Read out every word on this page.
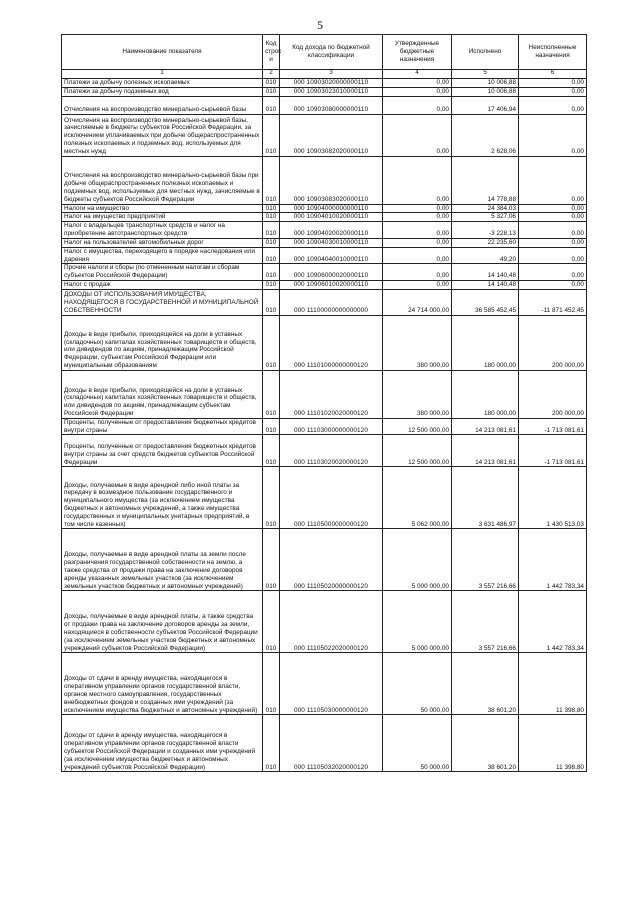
5
Наименование показателя	Код строк и	Код дохода по бюджетной классификации	Утвержденные бюджетные назначения	Исполнено	Неисполненные назначения
1	2	3	4	5	6
Платежи за добычу полезных ископаемых	010	000 10903020000000110	0,00	10 006,88	0,00
Платежи за добычу подземных вод	010	000 10903023010000110	0,00	10 006,88	0,00
Отчисления на воспроизводство минерально-сырьевой базы	010	000 10903080000000110	0,00	17 406,94	0,00
Отчисления на воспроизводство минерально-сырьевой базы, зачисляемые в бюджеты субъектов Российской Федерации, за исключением уплачиваемых при добыче общераспространенных полезных ископаемых и подземных вод, используемых для местных нужд	010	000 10903082020000110	0,00	2 628,06	0,00
Отчисления на воспроизводство минерально-сырьевой базы при добыче общераспространенных полезных ископаемых и подземных вод, используемых для местных нужд, зачисляемые в бюджеты субъектов Российской Федерации	010	000 10903083020000110	0,00	14 778,88	0,00
Налоги на имущество	010	000 10904000000000110	0,00	24 384,03	0,00
Налог на имущество предприятий	010	000 10904010020000110	0,00	5 327,06	0,00
Налог с владельцев транспортных средств и налог на приобретение автотранспортных средств	010	000 10904020020000110	0,00	-3 228,13	0,00
Налог на пользователей автомобильных дорог	010	000 10904030010000110	0,00	22 235,60	0,00
Налог с имущества, переходящего в порядке наследования или дарения	010	000 10904040010000110	0,00	49,20	0,00
Прочие налоги и сборы (по отмененным налогам и сборам субъектов Российской Федерации)	010	000 10906000020000110	0,00	14 140,48	0,00
Налог с продаж	010	000 10906010020000110	0,00	14 140,48	0,00
ДОХОДЫ ОТ ИСПОЛЬЗОВАНИЯ ИМУЩЕСТВА, НАХОДЯЩЕГОСЯ В ГОСУДАРСТВЕННОЙ И МУНИЦИПАЛЬНОЙ СОБСТВЕННОСТИ	010	000 11100000000000000	24 714 000,00	36 585 452,45	-11 871 452,45
Доходы в виде прибыли, приходящейся на доли в уставных (складочных) капиталах хозяйственных товариществ и обществ, или дивидендов по акциям, принадлежащим Российской Федерации, субъектам Российской Федерации или муниципальным образованиям	010	000 11101000000000120	380 000,00	180 000,00	200 000,00
Доходы в виде прибыли, приходящейся на доли в уставных (складочных) капиталах хозяйственных товариществ и обществ, или дивидендов по акциям, принадлежащим субъектам Российской Федерации	010	000 11101020020000120	380 000,00	180 000,00	200 000,00
Проценты, полученные от предоставления бюджетных кредитов внутри страны	010	000 11103000000000120	12 500 000,00	14 213 081,61	-1 713 081,61
Проценты, полученные от предоставления бюджетных кредитов внутри страны за счет средств бюджетов субъектов Российской Федерации	010	000 11103020020000120	12 500 000,00	14 213 081,61	-1 713 081,61
Доходы, получаемые в виде арендной либо иной платы за передачу в возмездное пользование государственного и муниципального имущества (за исключением имущества бюджетных и автономных учреждений, а также имущества государственных и муниципальных унитарных предприятий, в том числе казенных)	010	000 11105000000000120	5 062 000,00	3 631 486,97	1 430 513,03
Доходы, получаемые в виде арендной платы за земли после разграничения государственной собственности на землю, а также средства от продажи права на заключение договоров аренды указанных земельных участков (за исключением земельных участков бюджетных и автономных учреждений)	010	000 11105020000000120	5 000 000,00	3 557 216,66	1 442 783,34
Доходы, получаемые в виде арендной платы, а также средства от продажи права на заключение договоров аренды за земли, находящиеся в собственности субъектов Российской Федерации (за исключением земельных участков бюджетных и автономных учреждений субъектов Российской Федерации)	010	000 11105022020000120	5 000 000,00	3 557 216,66	1 442 783,34
Доходы от сдачи в аренду имущества, находящегося в оперативном управлении органов государственной власти, органов местного самоуправления, государственных внебюджетных фондов и созданных ими учреждений (за исключением имущества бюджетных и автономных учреждений)	010	000 11105030000000120	50 000,00	38 601,20	11 398,80
Доходы от сдачи в аренду имущества, находящегося в оперативном управлении органов государственной власти субъектов Российской Федерации и созданных ими учреждений (за исключением имущества бюджетных и автономных учреждений субъектов Российской Федерации)	010	000 11105032020000120	50 000,00	38 601,20	11 398,80
